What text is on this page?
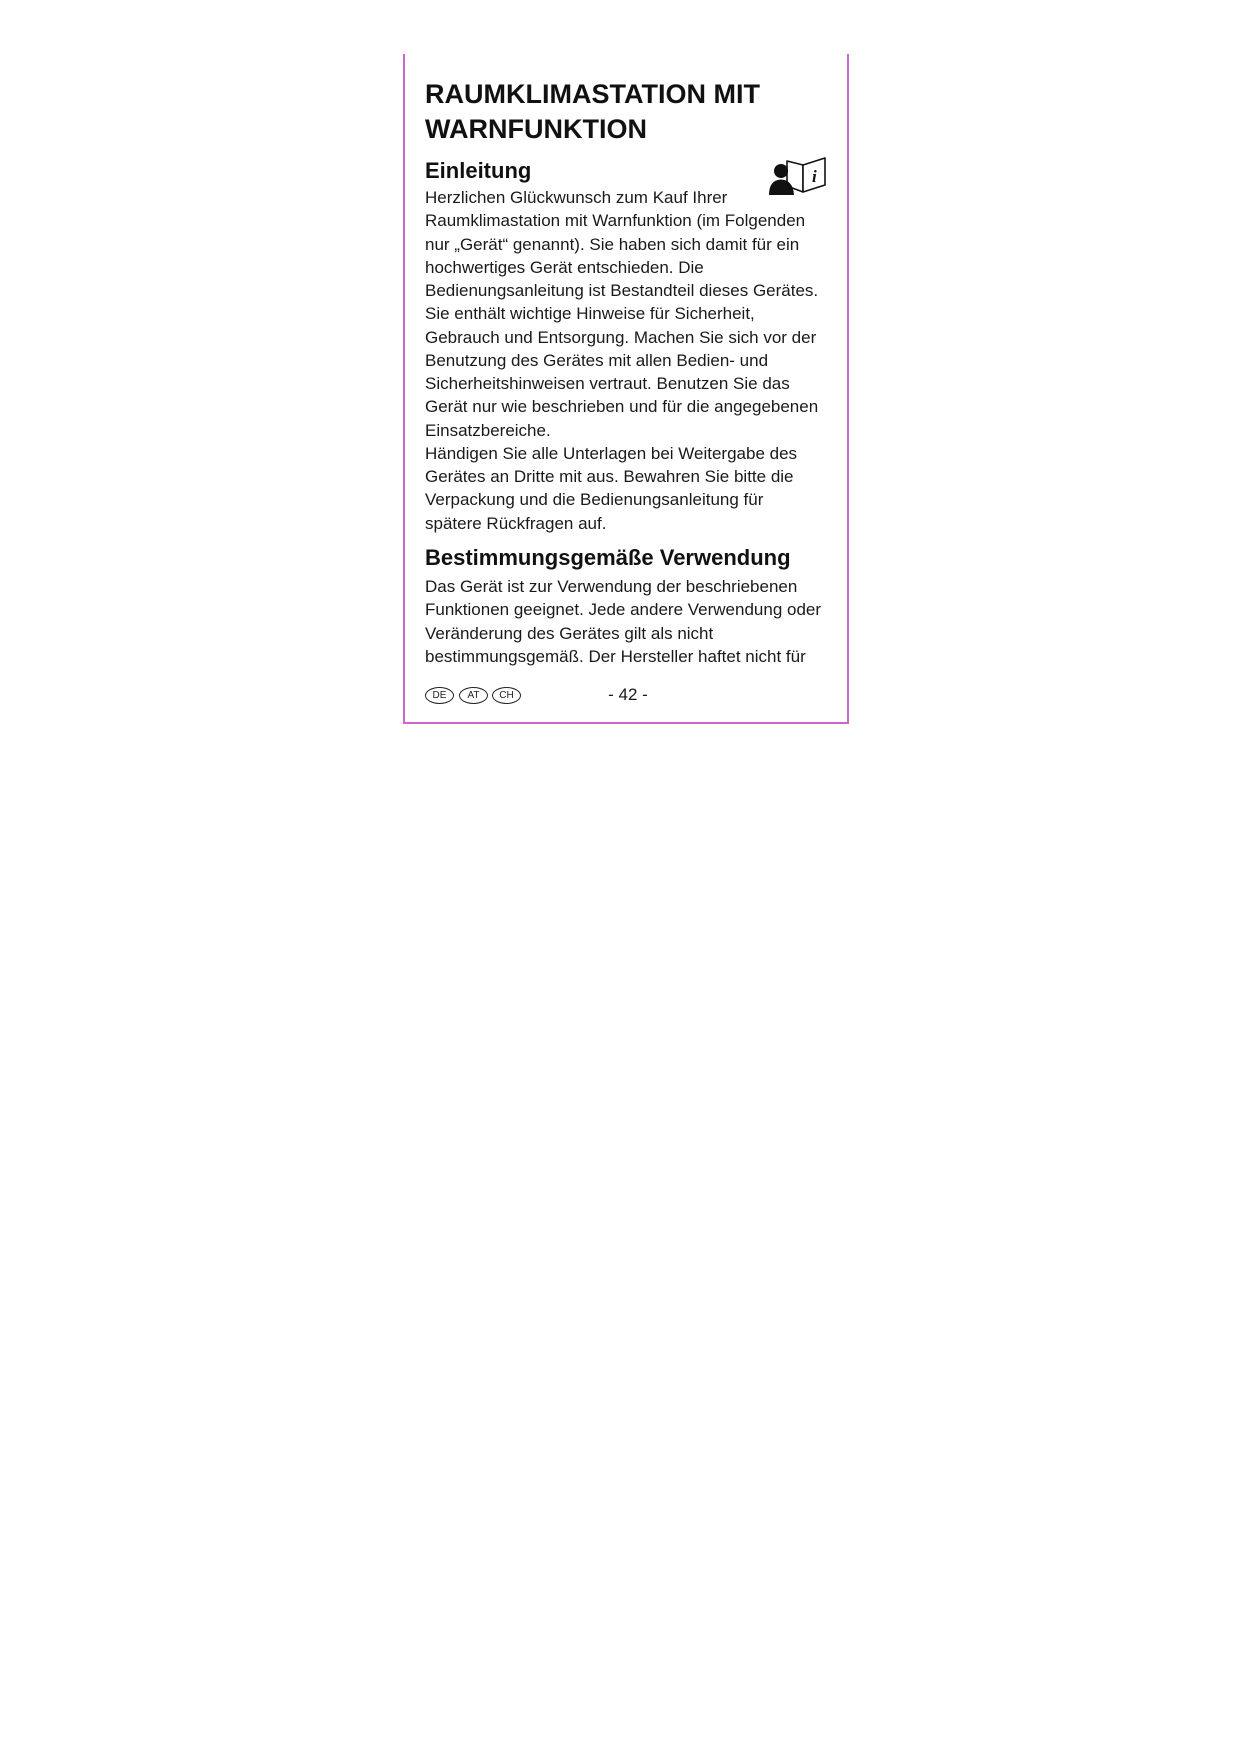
RAUMKLIMASTATION MIT
WARNFUNKTION
Einleitung	i
Herzlichen Glückwunsch zum Kauf Ihrer
Raumklimastation mit Warnfunktion (im Folgenden
nur „Gerät“ genannt). Sie haben sich damit für ein
hochwertiges Gerät entschieden. Die
Bedienungsanleitung ist Bestandteil dieses Gerätes.
Sie enthält wichtige Hinweise für Sicherheit,
Gebrauch und Entsorgung. Machen Sie sich vor der
Benutzung des Gerätes mit allen Bedien- und
Sicherheitshinweisen vertraut. Benutzen Sie das
Gerät nur wie beschrieben und für die angegebenen
Einsatzbereiche.
Händigen Sie alle Unterlagen bei Weitergabe des
Gerätes an Dritte mit aus. Bewahren Sie bitte die
Verpackung und die Bedienungsanleitung für
spätere Rückfragen auf.
Bestimmungsgemäße Verwendung
Das Gerät ist zur Verwendung der beschriebenen
Funktionen geeignet. Jede andere Verwendung oder
Veränderung des Gerätes gilt als nicht
bestimmungsgemäß. Der Hersteller haftet nicht für
DE	AT	CH	- 42 -
